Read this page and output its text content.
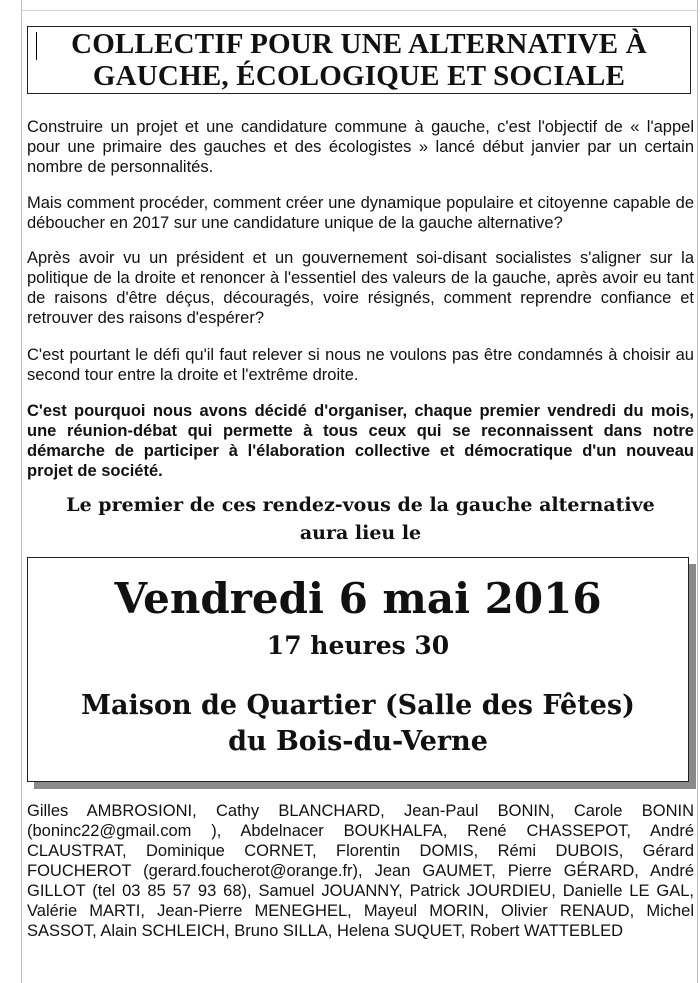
COLLECTIF POUR UNE ALTERNATIVE À
GAUCHE, ÉCOLOGIQUE ET SOCIALE

Construire un projet et une candidature commune à gauche, c'est l'objectif de « l'appel pour une primaire des gauches et des écologistes » lancé début janvier par un certain nombre de personnalités.

Mais comment procéder, comment créer une dynamique populaire et citoyenne capable de déboucher en 2017 sur une candidature unique de la gauche alternative?

Après avoir vu un président et un gouvernement soi-disant socialistes s'aligner sur la politique de la droite et renoncer à l'essentiel des valeurs de la gauche, après avoir eu tant de raisons d'être déçus, découragés, voire résignés, comment reprendre confiance et retrouver des raisons d'espérer?

C'est pourtant le défi qu'il faut relever si nous ne voulons pas être condamnés à choisir au second tour entre la droite et l'extrême droite.

C'est pourquoi nous avons décidé d'organiser, chaque premier vendredi du mois, une réunion-débat qui permette à tous ceux qui se reconnaissent dans notre démarche de participer à l'élaboration collective et démocratique d'un nouveau projet de société.

Le premier de ces rendez-vous de la gauche alternative
aura lieu le
Vendredi 6 mai 2016
17 heures 30
Maison de Quartier (Salle des Fêtes)
du Bois-du-Verne

Gilles AMBROSIONI, Cathy BLANCHARD, Jean-Paul BONIN, Carole BONIN (boninc22@gmail.com ), Abdelnacer BOUKHALFA, René CHASSEPOT, André CLAUSTRAT, Dominique CORNET, Florentin DOMIS, Rémi DUBOIS, Gérard FOUCHEROT (gerard.foucherot@orange.fr), Jean GAUMET, Pierre GÉRARD, André GILLOT (tel 03 85 57 93 68), Samuel JOUANNY, Patrick JOURDIEU, Danielle LE GAL, Valérie MARTI, Jean-Pierre MENEGHEL, Mayeul MORIN, Olivier RENAUD, Michel SASSOT, Alain SCHLEICH, Bruno SILLA, Helena SUQUET, Robert WATTEBLED
